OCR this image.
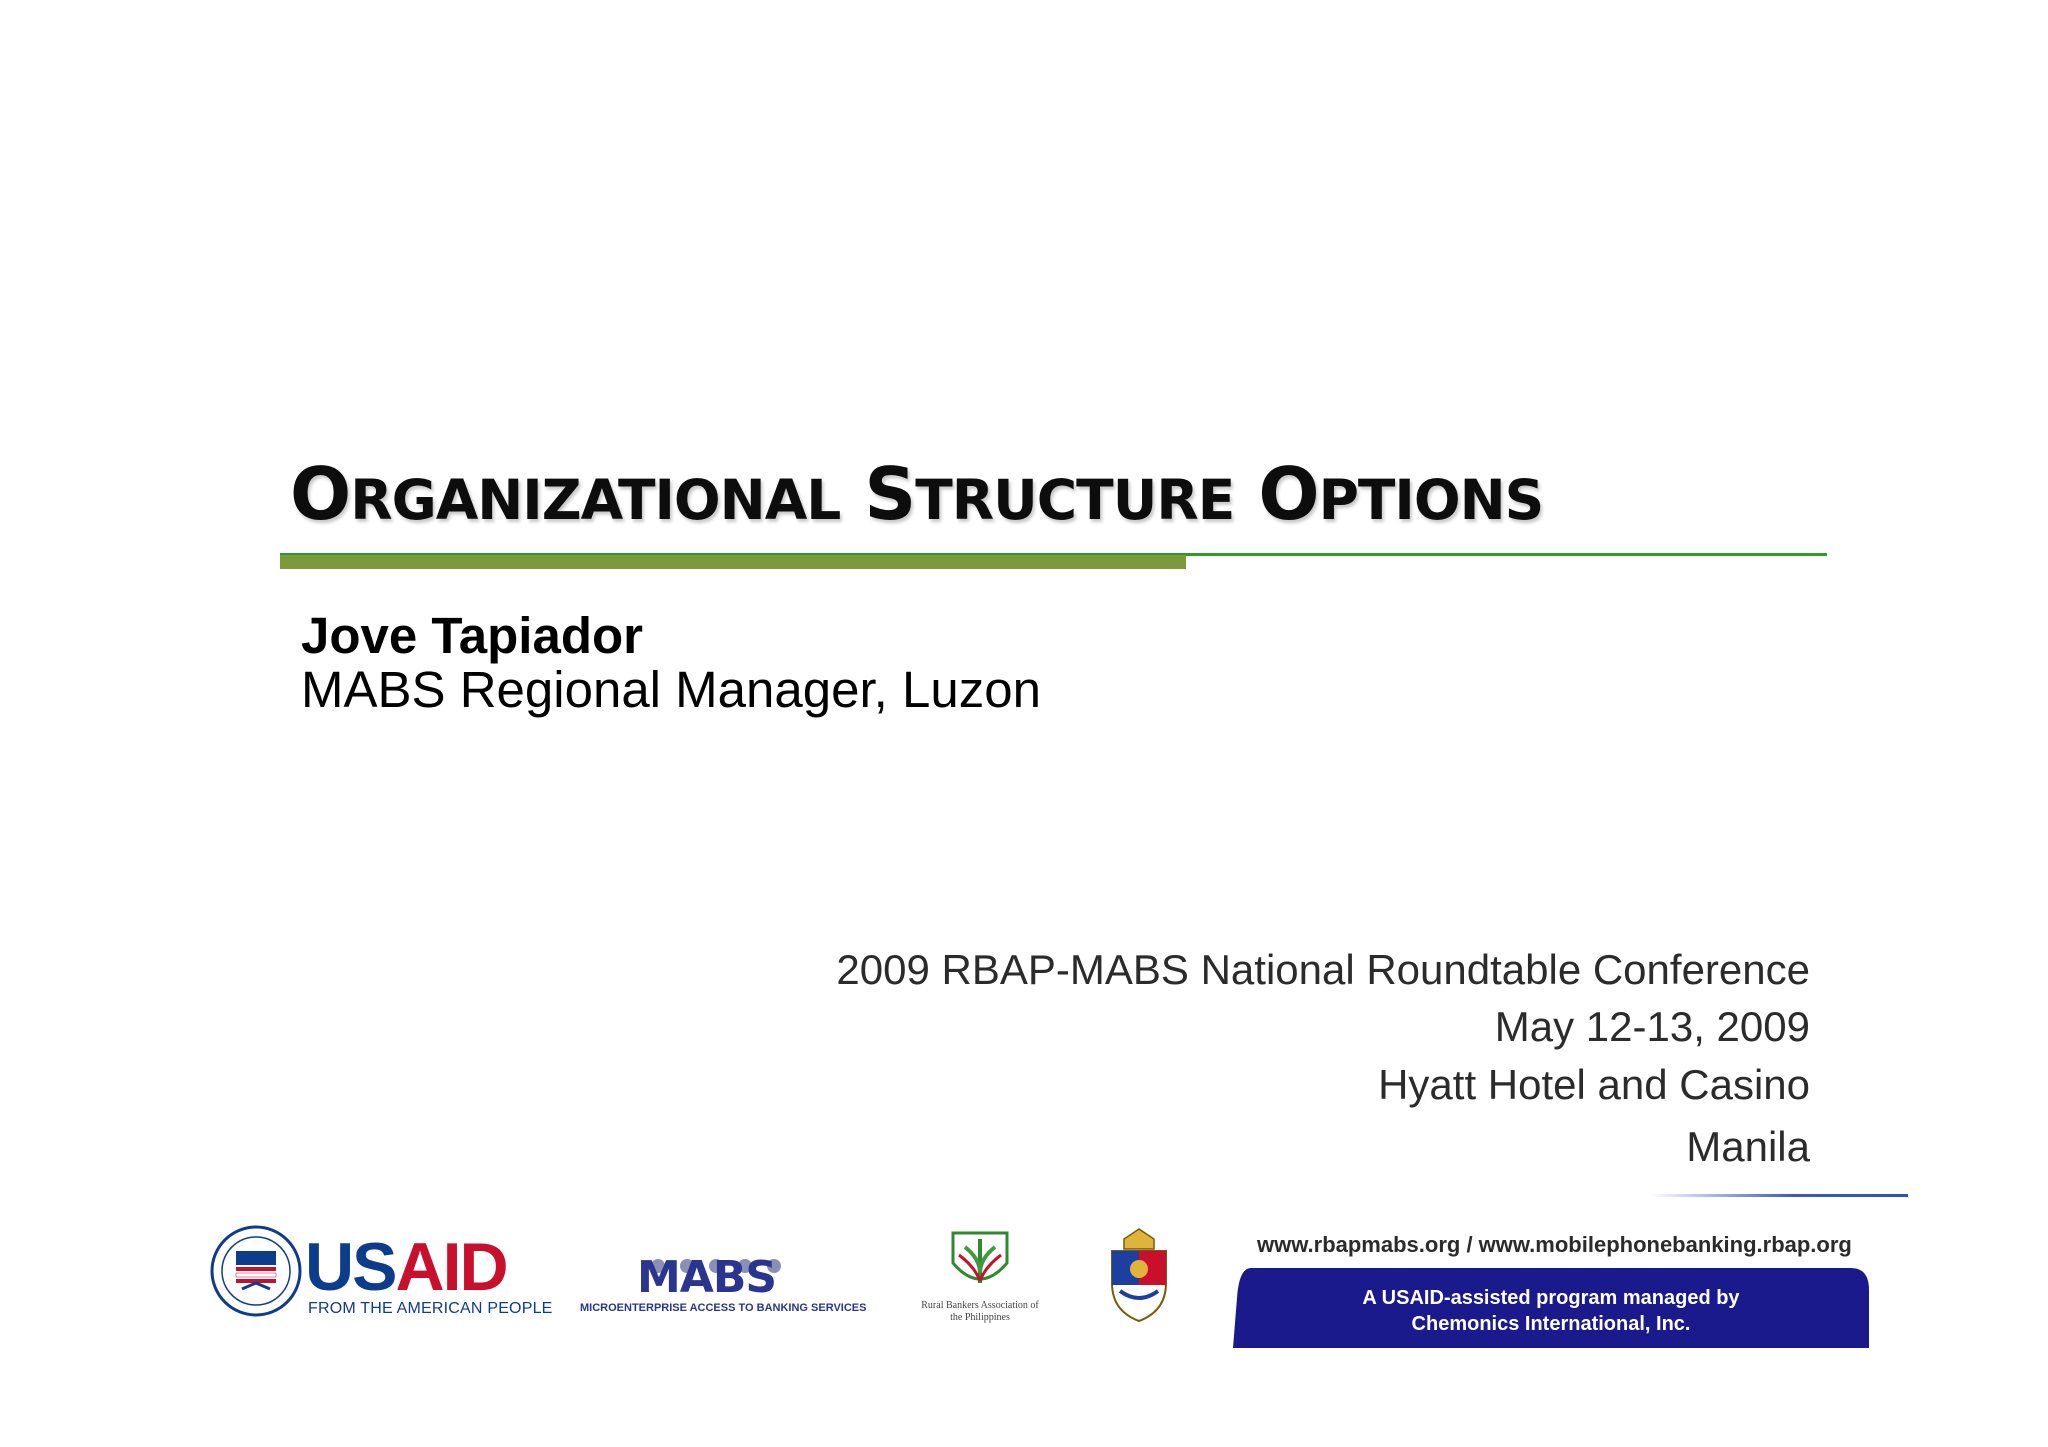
ORGANIZATIONAL STRUCTURE OPTIONS
Jove Tapiador
MABS Regional Manager, Luzon
2009 RBAP-MABS National Roundtable Conference
May 12-13, 2009
Hyatt Hotel and Casino
Manila
USAID
FROM THE AMERICAN PEOPLE
MABS
MICROENTERPRISE ACCESS TO BANKING SERVICES	Rural Bankers Association of the Philippines
www.rbapmabs.org / www.mobilephonebanking.rbap.org
A USAID-assisted program managed by
Chemonics International, Inc.
